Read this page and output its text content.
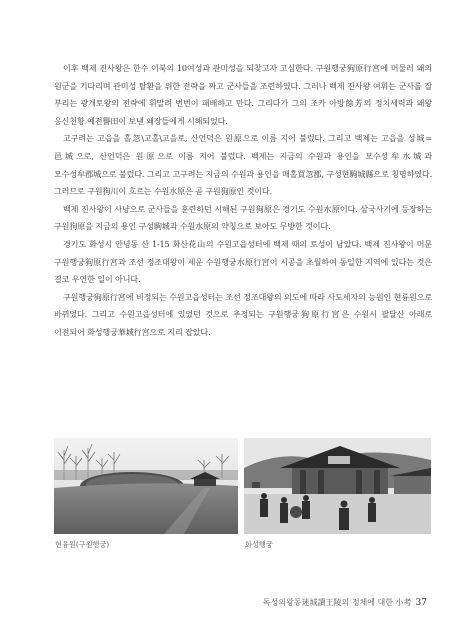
이후 백제 진사왕은 한수 이북의 10여성과 관미성을 되찾고자 고심한다. 구원행궁狗原行宮에 머물러 왜의 원군을 기다리며 관미성 탈환을 위한 전략을 짜고 군사들을 조련하였다. 그러나 백제 진사왕 여휘는 군사를 잘 부리는 광개토왕의 전략에 휘말려 번번이 패배하고 만다. 그리다가 그의 조카 아방餘芳의 정치세력과 왜왕 응신천황 예전譽田이 보낸 왜장들에게 시해되었다.

고구려는 고읍을 홀忽\고홀\고을로, 산언덕은 원原으로 이름 지어 불렀다. 그리고 백제는 고읍을 성城=邑城으로, 산언덕은 원原으로 이름 지어 불렀다. 백제는 지금의 수원과 용인을 모수성牟水城과 모수성牟郡城으로 불렀다. 그리고 고구려는 지금의 수원과 용인을 매홀買忽郡, 구성현駒城縣으로 칭명하였다. 그러므로 구원狗川이 흐르는 수원水原은 곧 구원狗原인 것이다.

백제 진사왕이 사냥으로 군사들을 훈련하던 시해된 구원狗原은 경기도 수원水原이다. 삼국사기에 등장하는 구원狗原을 지금의 용인 구성駒城과 수원水原의 약칭으로 보아도 무방한 것이다.

경기도 화성시 안녕동 산 1-15 화산花山의 수원고읍성터에 백제 때의 토성이 남았다. 백제 진사왕이 머문 구원행궁狗原行宮과 조선 정조대왕이 세운 수원행궁水原行宮이 시공을 초월하여 동일한 지역에 있다는 것은 결코 우연한 일이 아니다.

구원행궁狗原行宮에 비정되는 수원고읍성터는 조선 정조대왕의 의도에 따라 사도세자의 능원인 현륭원으로 바뀌었다. 그리고 수원고읍성터에 있었던 것으로 추정되는 구원행궁狗原行宮은 수원시 팔달산 아래로 이전되어 화성행궁華城行宮으로 지리 잡았다.

현융원(구원행궁)	화성행궁
독성의왕동迷城讀王陵의 정체에 대한 小考 37
